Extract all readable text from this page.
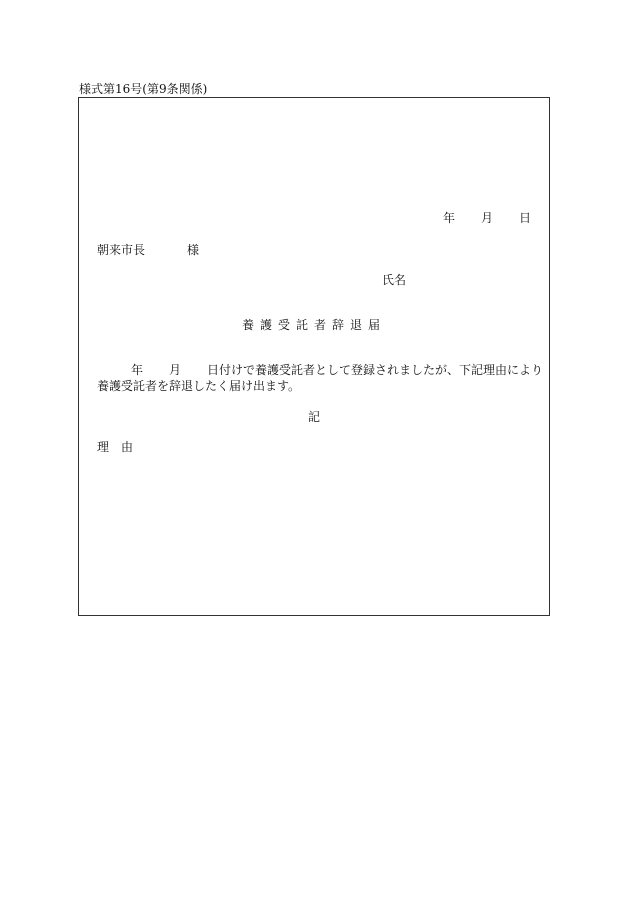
様式第16号(第9条関係)
年 月 日
朝来市長	様
氏名
養護受託者辞退届
年 月 日付けで養護受託者として登録されましたが、下記理由により
養護受託者を辞退したく届け出ます。
記
理由
